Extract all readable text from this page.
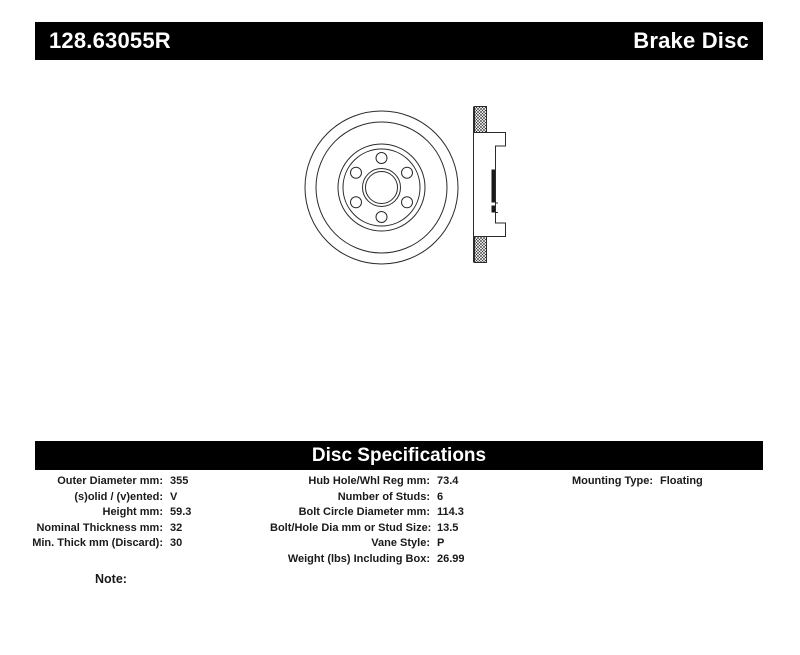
128.63055R	Brake Disc
Disc Specifications
Outer Diameter mm: 355
(s)olid / (v)ented: V
Height mm: 59.3
Nominal Thickness mm: 32
Min. Thick mm (Discard): 30
Hub Hole/Whl Reg mm: 73.4
Number of Studs: 6
Bolt Circle Diameter mm: 114.3
Bolt/Hole Dia mm or Stud Size: 13.5
Vane Style: P
Weight (lbs) Including Box: 26.99
Mounting Type: Floating
Note:
